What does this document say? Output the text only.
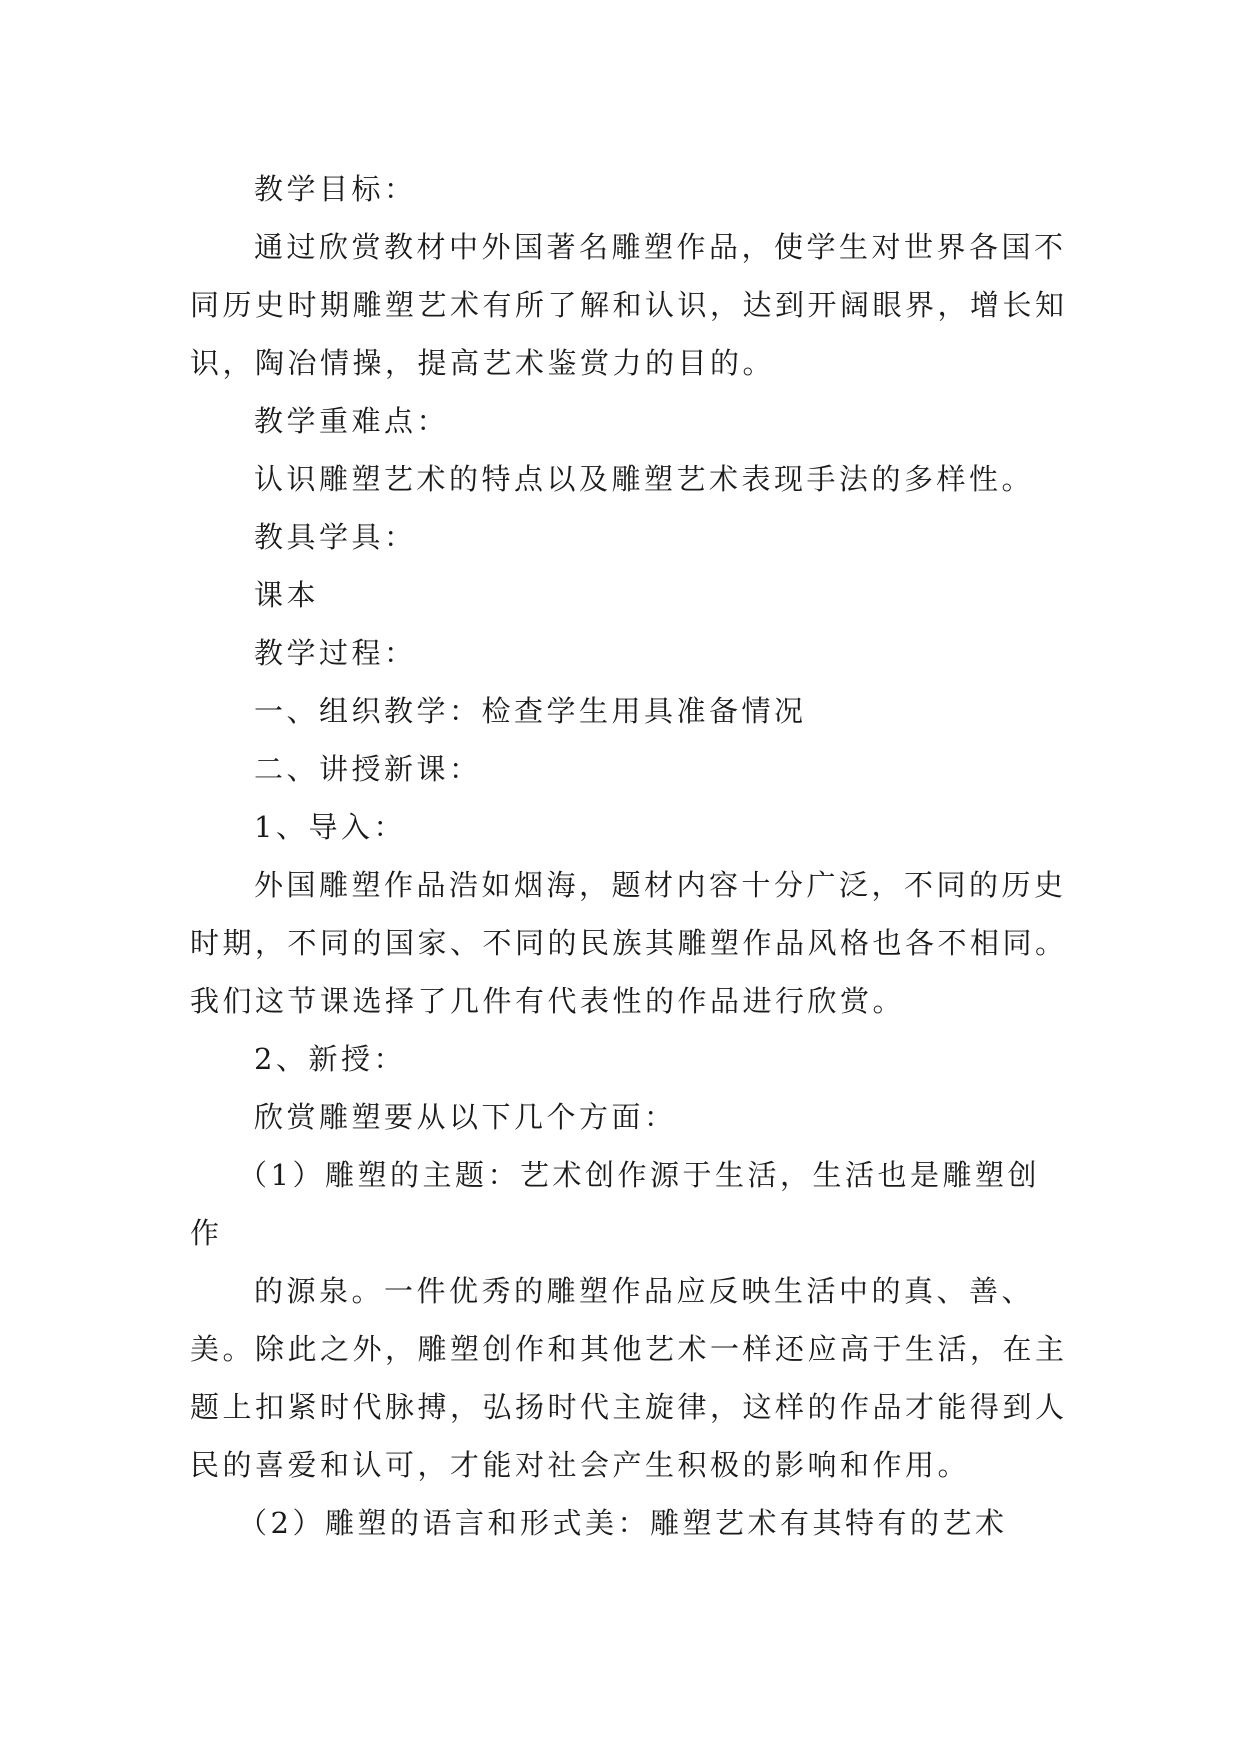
教学目标：

通过欣赏教材中外国著名雕塑作品，使学生对世界各国不同历史时期雕塑艺术有所了解和认识，达到开阔眼界，增长知识，陶冶情操，提高艺术鉴赏力的目的。

教学重难点：

认识雕塑艺术的特点以及雕塑艺术表现手法的多样性。

教具学具：

课本

教学过程：

一、组织教学：检查学生用具准备情况

二、讲授新课：

1、导入：

外国雕塑作品浩如烟海，题材内容十分广泛，不同的历史时期，不同的国家、不同的民族其雕塑作品风格也各不相同。我们这节课选择了几件有代表性的作品进行欣赏。

2、新授：

欣赏雕塑要从以下几个方面：

（1）雕塑的主题：艺术创作源于生活，生活也是雕塑创作

的源泉。一件优秀的雕塑作品应反映生活中的真、善、美。除此之外，雕塑创作和其他艺术一样还应高于生活，在主题上扣紧时代脉搏，弘扬时代主旋律，这样的作品才能得到人民的喜爱和认可，才能对社会产生积极的影响和作用。

（2）雕塑的语言和形式美：雕塑艺术有其特有的艺术
